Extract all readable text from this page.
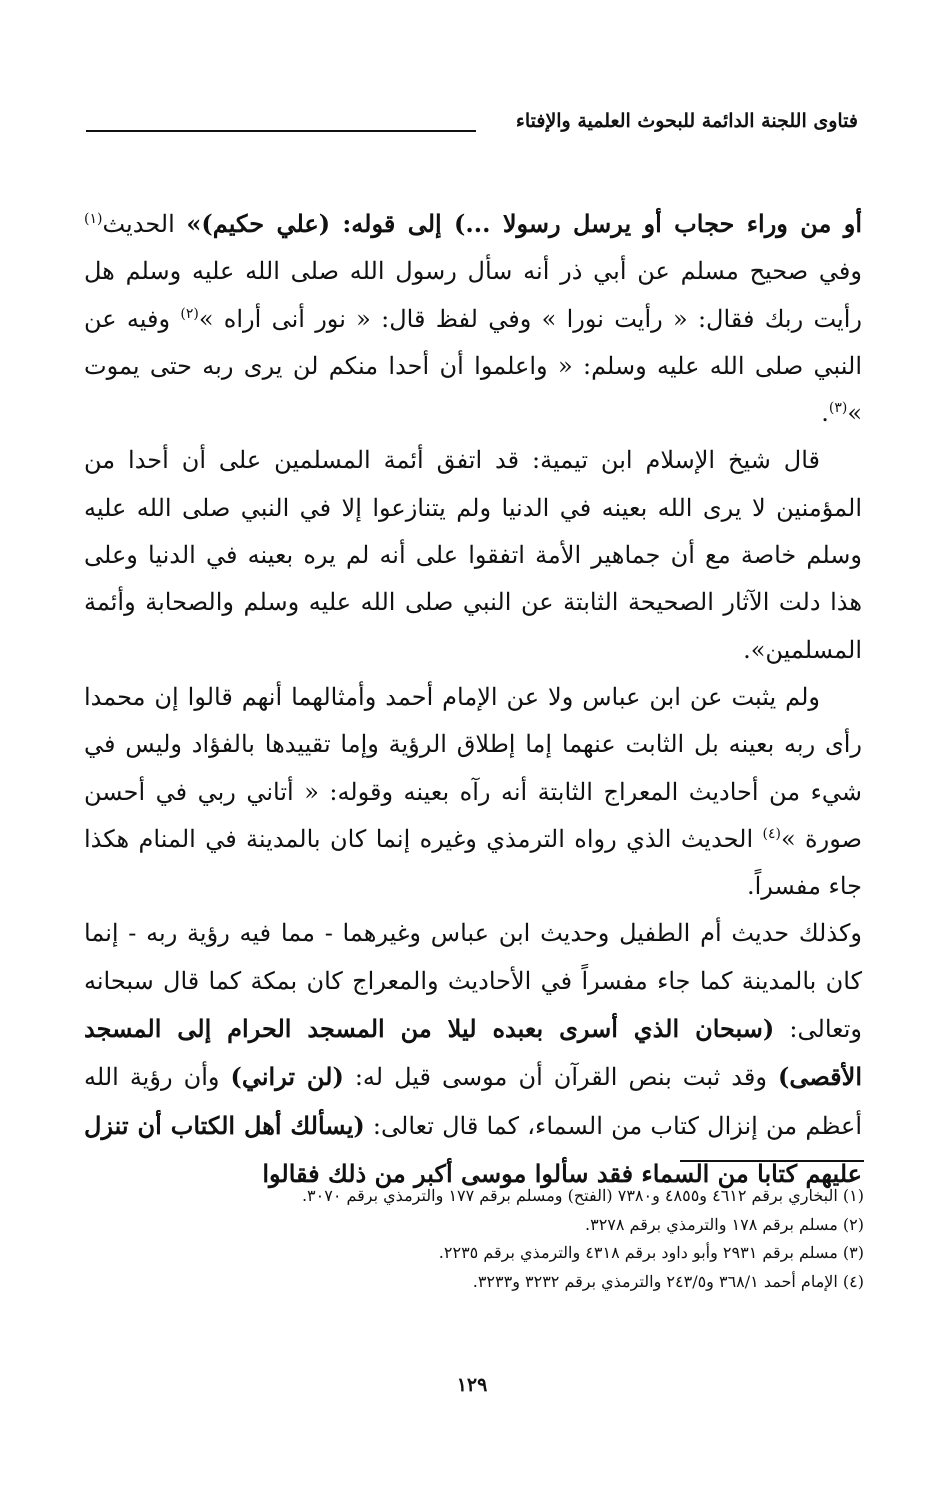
فتاوى اللجنة الدائمة للبحوث العلمية والإفتاء

أو من وراء حجاب أو يرسل رسولا ...) إلى قوله: (علي حكيم)» الحديث$^{(١)}$ وفي صحيح مسلم عن أبي ذر أنه سأل رسول الله صلى الله عليه وسلم هل رأيت ربك فقال: « رأيت نورا » وفي لفظ قال: « نور أنى أراه »$^{(٢)}$ وفيه عن النبي صلى الله عليه وسلم: « واعلموا أن أحدا منكم لن يرى ربه حتى يموت »$^{(٣)}$.

قال شيخ الإسلام ابن تيمية: قد اتفق أئمة المسلمين على أن أحدا من المؤمنين لا يرى الله بعينه في الدنيا ولم يتنازعوا إلا في النبي صلى الله عليه وسلم خاصة مع أن جماهير الأمة اتفقوا على أنه لم يره بعينه في الدنيا وعلى هذا دلت الآثار الصحيحة الثابتة عن النبي صلى الله عليه وسلم والصحابة وأئمة المسلمين».

ولم يثبت عن ابن عباس ولا عن الإمام أحمد وأمثالهما أنهم قالوا إن محمدا رأى ربه بعينه بل الثابت عنهما إما إطلاق الرؤية وإما تقييدها بالفؤاد وليس في شيء من أحاديث المعراج الثابتة أنه رآه بعينه وقوله: « أتاني ربي في أحسن صورة »$^{(٤)}$ الحديث الذي رواه الترمذي وغيره إنما كان بالمدينة في المنام هكذا جاء مفسراً.

وكذلك حديث أم الطفيل وحديث ابن عباس وغيرهما - مما فيه رؤية ربه - إنما كان بالمدينة كما جاء مفسراً في الأحاديث والمعراج كان بمكة كما قال سبحانه وتعالى: (سبحان الذي أسرى بعبده ليلا من المسجد الحرام إلى المسجد الأقصى) وقد ثبت بنص القرآن أن موسى قيل له: (لن تراني) وأن رؤية الله أعظم من إنزال كتاب من السماء، كما قال تعالى: (يسألك أهل الكتاب أن تنزل عليهم كتابا من السماء فقد سألوا موسى أكبر من ذلك فقالوا

(١) البخاري برقم ٤٦١٢ و٤٨٥٥ و٧٣٨٠ (الفتح) ومسلم برقم ١٧٧ والترمذي برقم ٣٠٧٠.

(٢) مسلم برقم ١٧٨ والترمذي برقم ٣٢٧٨.

(٣) مسلم برقم ٢٩٣١ وأبو داود برقم ٤٣١٨ والترمذي برقم ٢٢٣٥.

(٤) الإمام أحمد ٣٦٨/١ و٢٤٣/٥ والترمذي برقم ٣٢٣٢ و٣٢٣٣.

١٢٩
